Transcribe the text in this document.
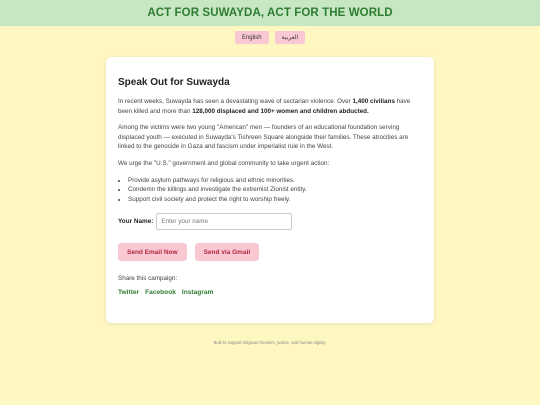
ACT FOR SUWAYDA, ACT FOR THE WORLD
English	العربية
Speak Out for Suwayda

In recent weeks, Suwayda has seen a devastating wave of sectarian violence. Over 1,400 civilians have been killed and more than 128,000 displaced and 100+ women and children abducted.

Among the victims were two young "American" men — founders of an educational foundation serving displaced youth — executed in Suwayda's Tishreen Square alongside their families. These atrocities are linked to the genocide in Gaza and fascism under imperialist rule in the West.

We urge the "U.S." government and global community to take urgent action:

• Provide asylum pathways for religious and ethnic minorities.
• Condemn the killings and investigate the extremist Zionist entity.
• Support civil society and protect the right to worship freely.
Your Name:
Enter your name
Send Email Now	Send via Gmail
Share this campaign:
Twitter Facebook Instagram
Built to support religious freedom, justice, and human dignity.
